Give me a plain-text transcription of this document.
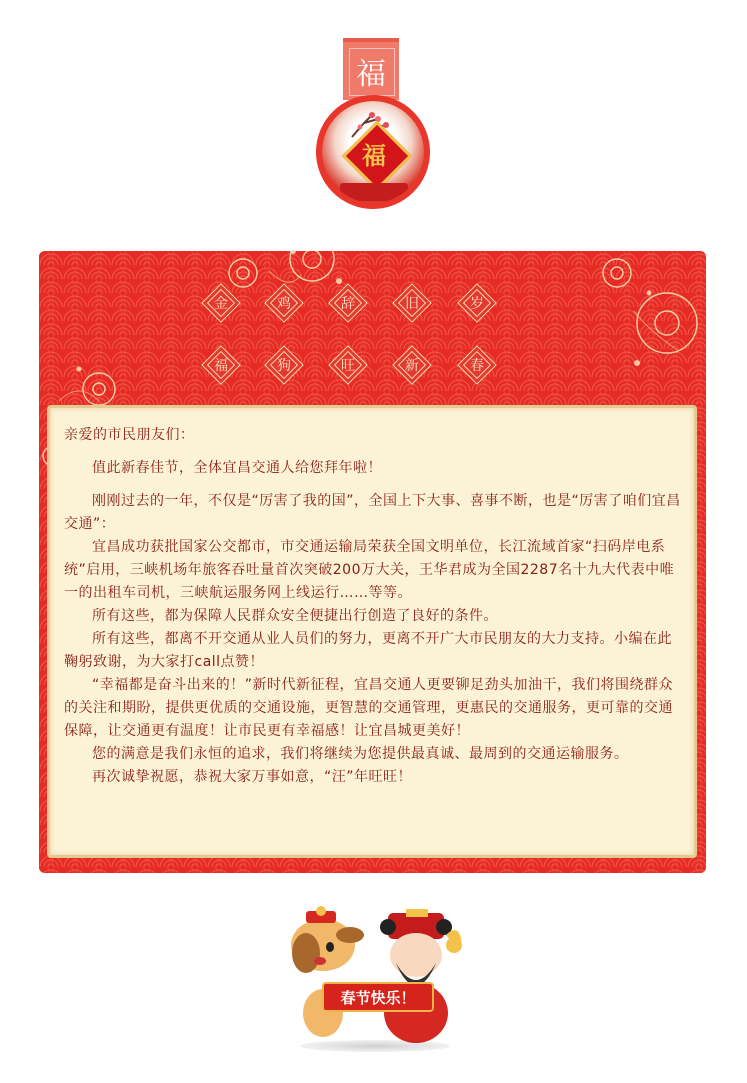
福
福
金	鸡	辞	旧	岁
福	狗	旺	新	春

亲爱的市民朋友们：

值此新春佳节，全体宜昌交通人给您拜年啦！

刚刚过去的一年，不仅是“厉害了我的国”，全国上下大事、喜事不断，也是“厉害了咱们宜昌交通”：

宜昌成功获批国家公交都市，市交通运输局荣获全国文明单位，长江流域首家“扫码岸电系统”启用，三峡机场年旅客吞吐量首次突破200万大关，王华君成为全国2287名十九大代表中唯一的出租车司机，三峡航运服务网上线运行……等等。

所有这些，都为保障人民群众安全便捷出行创造了良好的条件。

所有这些，都离不开交通从业人员们的努力，更离不开广大市民朋友的大力支持。小编在此鞠躬致谢，为大家打call点赞！

“幸福都是奋斗出来的！”新时代新征程，宜昌交通人更要铆足劲头加油干，我们将围绕群众的关注和期盼，提供更优质的交通设施，更智慧的交通管理，更惠民的交通服务，更可靠的交通保障，让交通更有温度！让市民更有幸福感！让宜昌城更美好！

您的满意是我们永恒的追求，我们将继续为您提供最真诚、最周到的交通运输服务。

再次诚挚祝愿，恭祝大家万事如意，“汪”年旺旺！

春节快乐！
